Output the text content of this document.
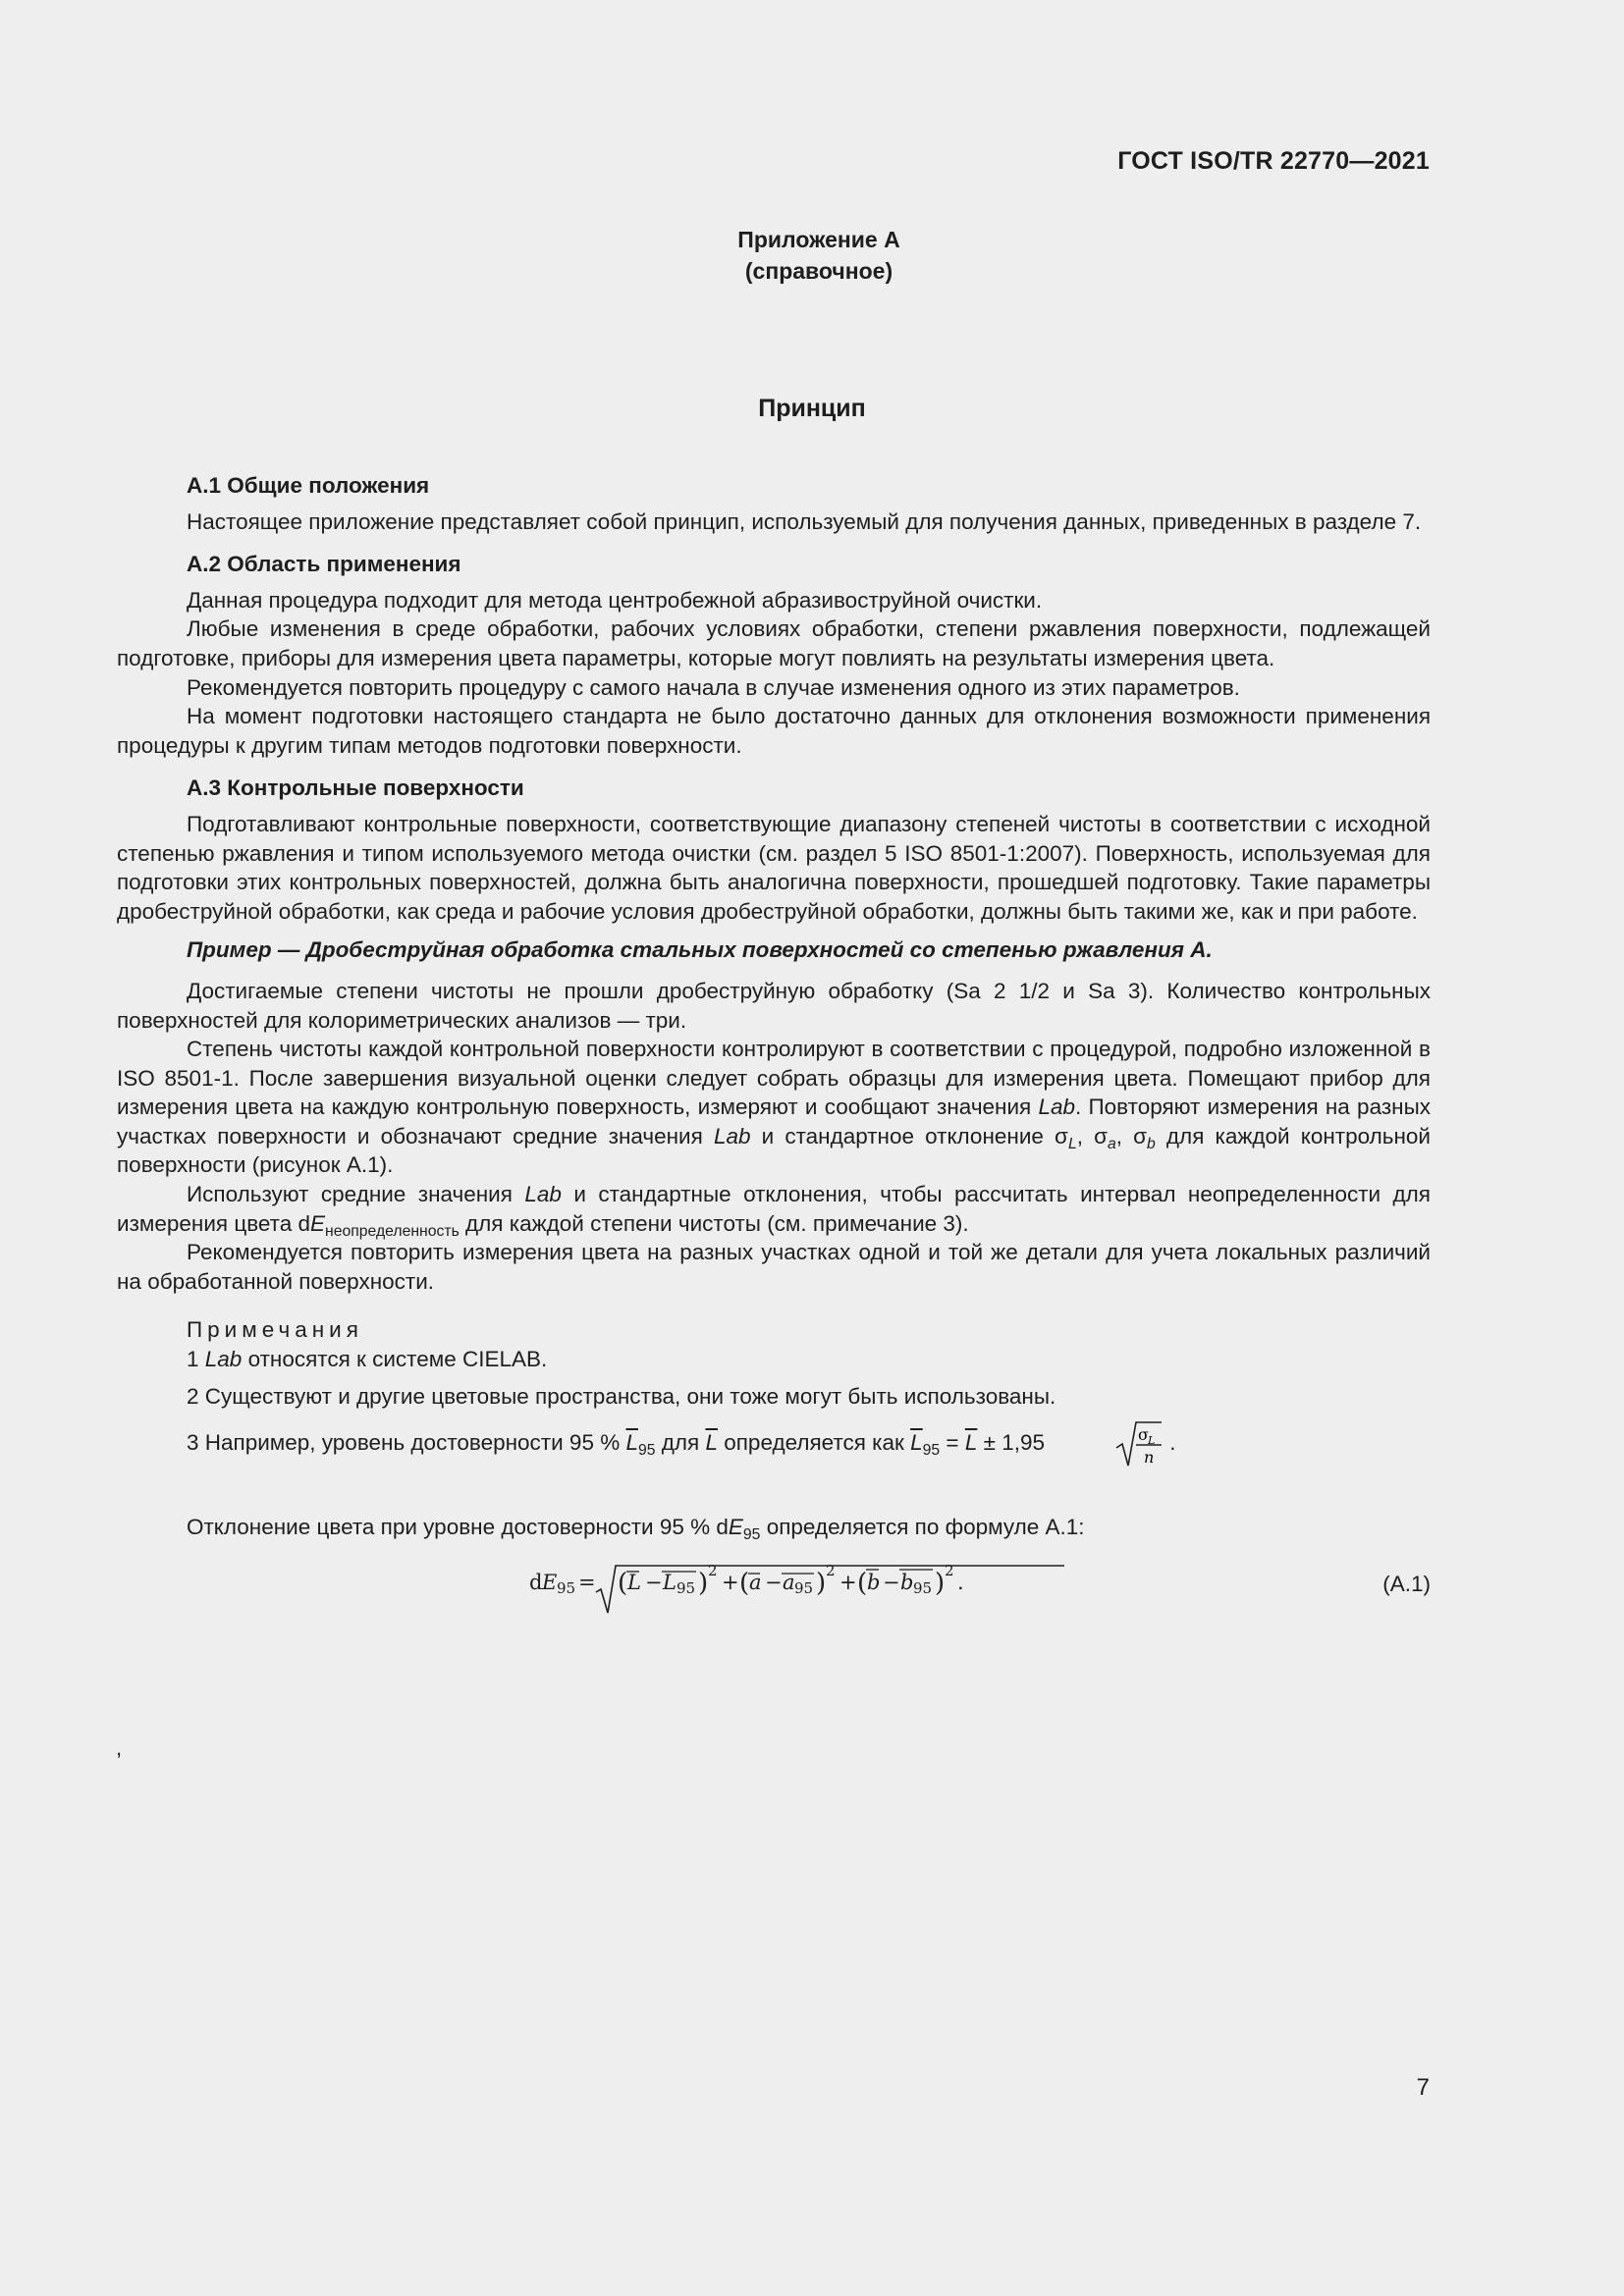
ГОСТ ISO/TR 22770—2021
Приложение А
(справочное)
Принцип

А.1 Общие положения

Настоящее приложение представляет собой принцип, используемый для получения данных, приведенных в разделе 7.

А.2 Область применения

Данная процедура подходит для метода центробежной абразивоструйной очистки.

Любые изменения в среде обработки, рабочих условиях обработки, степени ржавления поверхности, подлежащей подготовке, приборы для измерения цвета параметры, которые могут повлиять на результаты измерения цвета.

Рекомендуется повторить процедуру с самого начала в случае изменения одного из этих параметров.

На момент подготовки настоящего стандарта не было достаточно данных для отклонения возможности применения процедуры к другим типам методов подготовки поверхности.

А.3 Контрольные поверхности

Подготавливают контрольные поверхности, соответствующие диапазону степеней чистоты в соответствии с исходной степенью ржавления и типом используемого метода очистки (см. раздел 5 ISO 8501-1:2007). Поверхность, используемая для подготовки этих контрольных поверхностей, должна быть аналогична поверхности, прошедшей подготовку. Такие параметры дробеструйной обработки, как среда и рабочие условия дробеструйной обработки, должны быть такими же, как и при работе.

Пример — Дробеструйная обработка стальных поверхностей со степенью ржавления А.

Достигаемые степени чистоты не прошли дробеструйную обработку (Sa 2 1/2 и Sa 3). Количество контрольных поверхностей для колориметрических анализов — три.

Степень чистоты каждой контрольной поверхности контролируют в соответствии с процедурой, подробно изложенной в ISO 8501-1. После завершения визуальной оценки следует собрать образцы для измерения цвета. Помещают прибор для измерения цвета на каждую контрольную поверхность, измеряют и сообщают значения Lab. Повторяют измерения на разных участках поверхности и обозначают средние значения Lab и стандартное отклонение $\sigma_L$, $\sigma_a$, $\sigma_b$ для каждой контрольной поверхности (рисунок А.1).

Используют средние значения Lab и стандартные отклонения, чтобы рассчитать интервал неопределенности для измерения цвета $dE_{неопределенность}$ для каждой степени чистоты (см. примечание 3).

Рекомендуется повторить измерения цвета на разных участках одной и той же детали для учета локальных различий на обработанной поверхности.

Примечания

1 Lab относятся к системе CIELAB.

2 Существуют и другие цветовые пространства, они тоже могут быть использованы.

3 Например, уровень достоверности 95 % $\overline{L}_{95}$ для $\overline{L}$ определяется как $\overline{L}_{95} = \overline{L} \pm 1,95$	σ L
n
.

Отклонение цвета при уровне достоверности 95 % $dE_{95}$ определяется по формуле А.1:

d E 95 = ( L − L 95 ) 2 + ( a − a 95 ) 2 + ( b − b 95 ) 2 .	(А.1)
,
7
